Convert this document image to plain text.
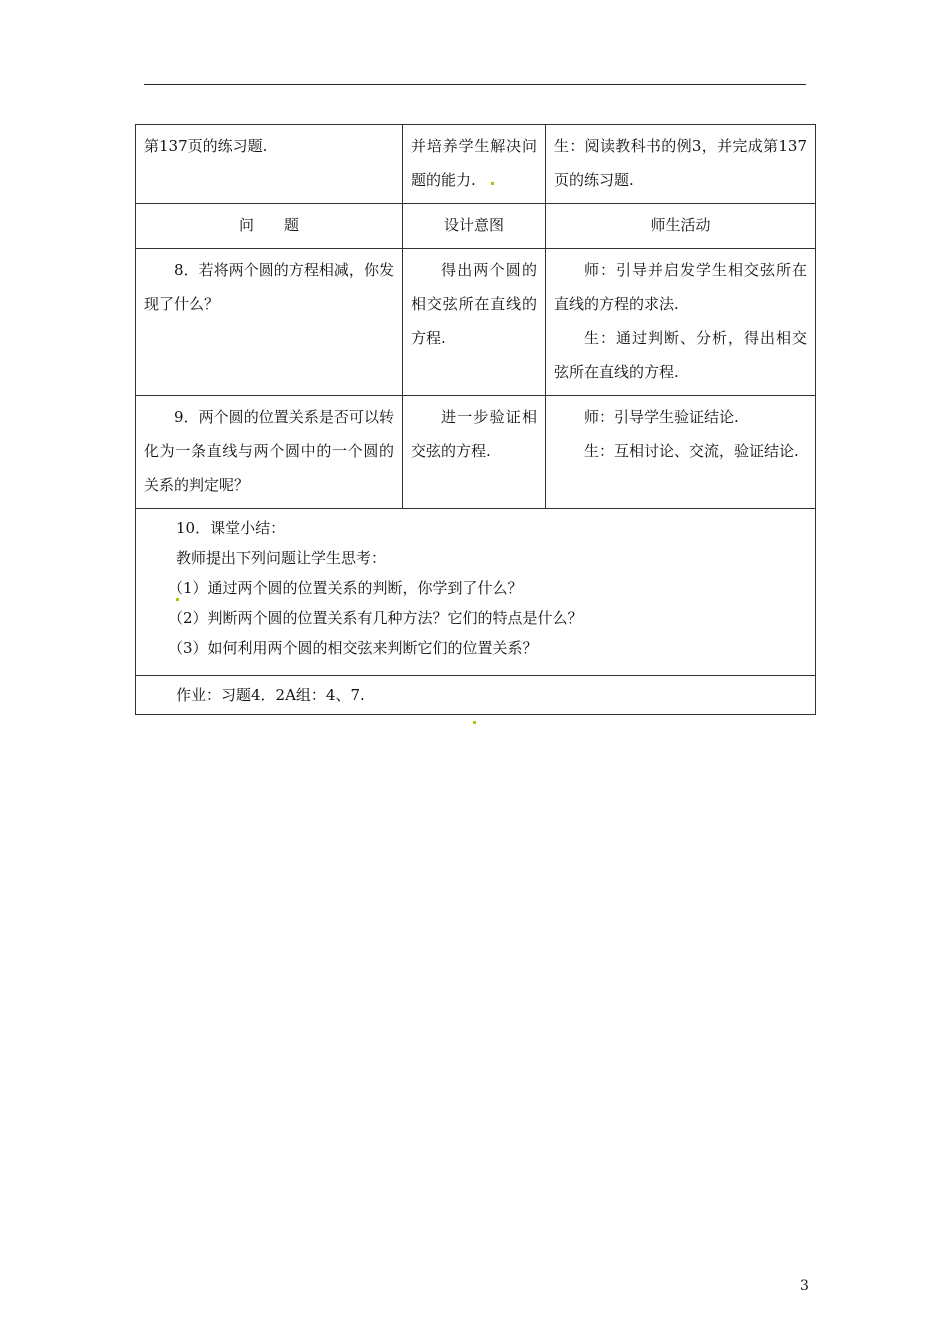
第137页的练习题.	并培养学生解决问题的能力.	生：阅读教科书的例3，并完成第137页的练习题.
问　　题	设计意图	师生活动
8．若将两个圆的方程相减，你发现了什么？	得出两个圆的相交弦所在直线的方程.	师：引导并启发学生相交弦所在直线的方程的求法.
生：通过判断、分析，得出相交弦所在直线的方程.

9．两个圆的位置关系是否可以转化为一条直线与两个圆中的一个圆的关系的判定呢？	进一步验证相交弦的方程.	师：引导学生验证结论.
生：互相讨论、交流，验证结论.

10．课堂小结：
教师提出下列问题让学生思考：
（1）通过两个圆的位置关系的判断，你学到了什么？
（2）判断两个圆的位置关系有几种方法？它们的特点是什么？
（3）如何利用两个圆的相交弦来判断它们的位置关系？		

作业：习题4．2A组：4、7.		
3
